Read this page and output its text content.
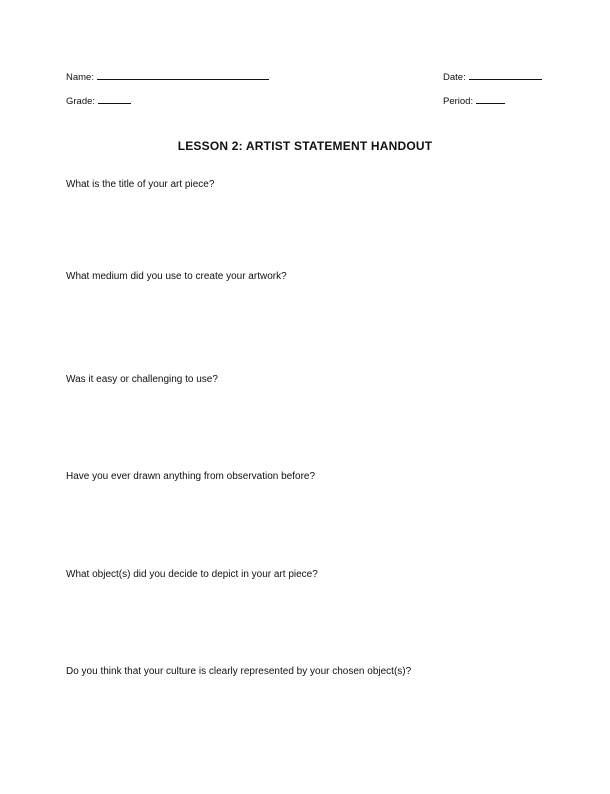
Name:	Date:
Grade:	Period:
LESSON 2: ARTIST STATEMENT HANDOUT
What is the title of your art piece?
What medium did you use to create your artwork?
Was it easy or challenging to use?
Have you ever drawn anything from observation before?
What object(s) did you decide to depict in your art piece?
Do you think that your culture is clearly represented by your chosen object(s)?
